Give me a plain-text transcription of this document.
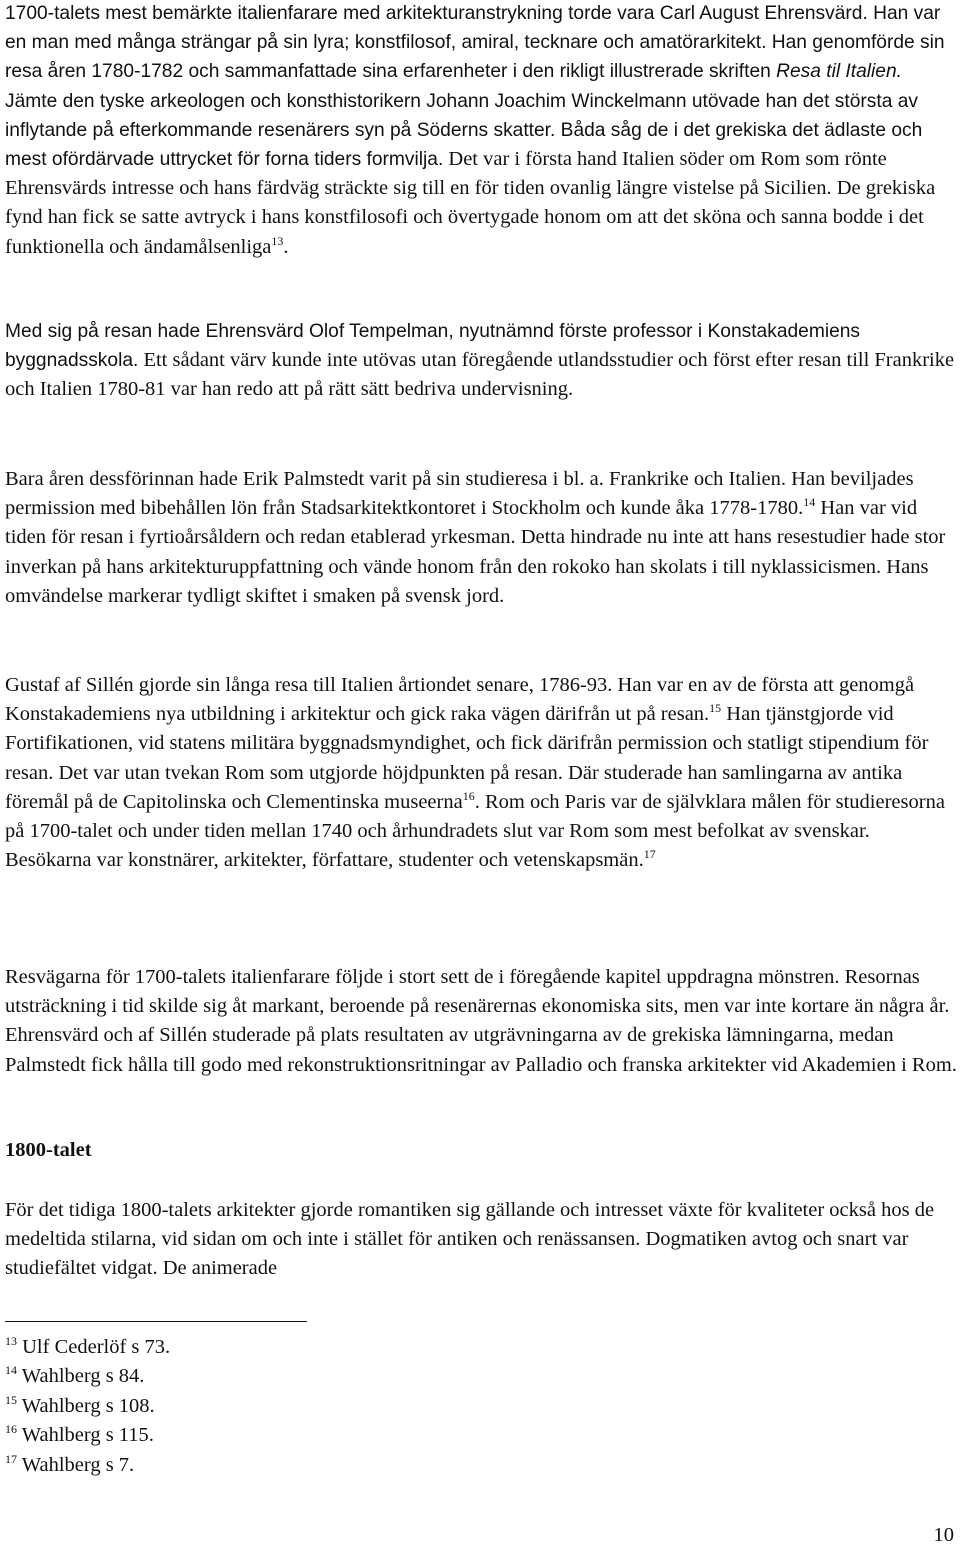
1700-talets mest bemärkte italienfarare med arkitekturanstrykning torde vara Carl August Ehrensvärd. Han var en man med många strängar på sin lyra; konstfilosof, amiral, tecknare och amatörarkitekt. Han genomförde sin resa åren 1780-1782 och sammanfattade sina erfarenheter i den rikligt illustrerade skriften Resa til Italien. Jämte den tyske arkeologen och konsthistorikern Johann Joachim Winckelmann utövade han det största av inflytande på efterkommande resenärers syn på Söderns skatter. Båda såg de i det grekiska det ädlaste och mest ofördärvade uttrycket för forna tiders formvilja. Det var i första hand Italien söder om Rom som rönte Ehrensvärds intresse och hans färdväg sträckte sig till en för tiden ovanlig längre vistelse på Sicilien. De grekiska fynd han fick se satte avtryck i hans konstfilosofi och övertygade honom om att det sköna och sanna bodde i det funktionella och ändamålsenliga$^{13}$.

Med sig på resan hade Ehrensvärd Olof Tempelman, nyutnämnd förste professor i Konstakademiens byggnadsskola. Ett sådant värv kunde inte utövas utan föregående utlandsstudier och först efter resan till Frankrike och Italien 1780-81 var han redo att på rätt sätt bedriva undervisning.

Bara åren dessförinnan hade Erik Palmstedt varit på sin studieresa i bl. a. Frankrike och Italien. Han beviljades permission med bibehållen lön från Stadsarkitektkontoret i Stockholm och kunde åka 1778-1780.14 Han var vid tiden för resan i fyrtioårsåldern och redan etablerad yrkesman. Detta hindrade nu inte att hans resestudier hade stor inverkan på hans arkitekturuppfattning och vände honom från den rokoko han skolats i till nyklassicismen. Hans omvändelse markerar tydligt skiftet i smaken på svensk jord.

Gustaf af Sillén gjorde sin långa resa till Italien årtiondet senare, 1786-93. Han var en av de första att genomgå Konstakademiens nya utbildning i arkitektur och gick raka vägen därifrån ut på resan.$^{15}$ Han tjänstgjorde vid Fortifikationen, vid statens militära byggnadsmyndighet, och fick därifrån permission och statligt stipendium för resan. Det var utan tvekan Rom som utgjorde höjdpunkten på resan. Där studerade han samlingarna av antika föremål på de Capitolinska och Clementinska museerna$^{16}$. Rom och Paris var de självklara målen för studieresorna på 1700-talet och under tiden mellan 1740 och århundradets slut var Rom som mest befolkat av svenskar. Besökarna var konstnärer, arkitekter, författare, studenter och vetenskapsmän.$^{17}$

Resvägarna för 1700-talets italienfarare följde i stort sett de i föregående kapitel uppdragna mönstren. Resornas utsträckning i tid skilde sig åt markant, beroende på resenärernas ekonomiska sits, men var inte kortare än några år. Ehrensvärd och af Sillén studerade på plats resultaten av utgrävningarna av de grekiska lämningarna, medan Palmstedt fick hålla till godo med rekonstruktionsritningar av Palladio och franska arkitekter vid Akademien i Rom.

1800-talet

För det tidiga 1800-talets arkitekter gjorde romantiken sig gällande och intresset växte för kvaliteter också hos de medeltida stilarna, vid sidan om och inte i stället för antiken och renässansen. Dogmatiken avtog och snart var studiefältet vidgat. De animerade

$^{13}$ Ulf Cederlöf s 73.
$^{14}$ Wahlberg s 84.
$^{15}$ Wahlberg s 108.
$^{16}$ Wahlberg s 115.
$^{17}$ Wahlberg s 7.
10
